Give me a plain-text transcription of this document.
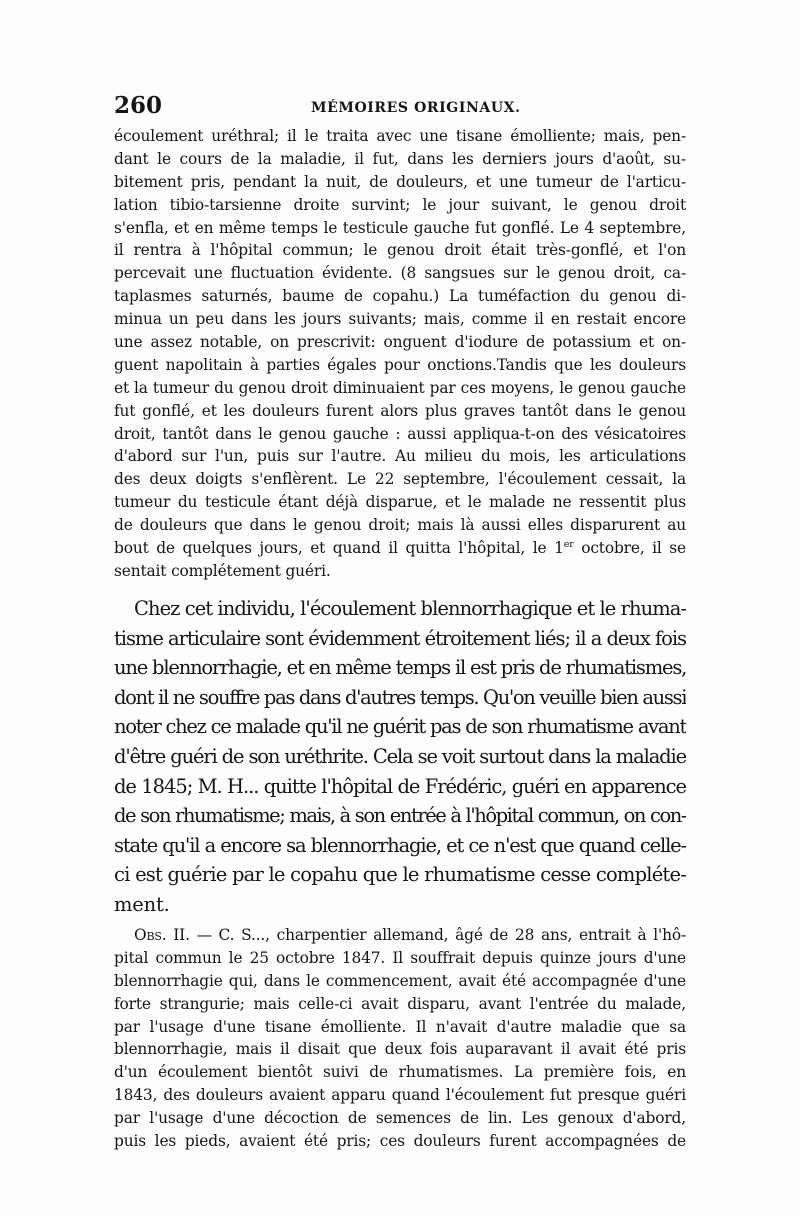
260	MÉMOIRES ORIGINAUX.
écoulement uréthral; il le traita avec une tisane émolliente; mais, pen-
dant le cours de la maladie, il fut, dans les derniers jours d'août, su-
bitement pris, pendant la nuit, de douleurs, et une tumeur de l'articu-
lation tibio-tarsienne droite survint; le jour suivant, le genou droit
s'enfla, et en même temps le testicule gauche fut gonflé. Le 4 septembre,
il rentra à l'hôpital commun; le genou droit était très-gonflé, et l'on
percevait une fluctuation évidente. (8 sangsues sur le genou droit, ca-
taplasmes saturnés, baume de copahu.) La tuméfaction du genou di-
minua un peu dans les jours suivants; mais, comme il en restait encore
une assez notable, on prescrivit: onguent d'iodure de potassium et on-
guent napolitain à parties égales pour onctions.Tandis que les douleurs
et la tumeur du genou droit diminuaient par ces moyens, le genou gauche
fut gonflé, et les douleurs furent alors plus graves tantôt dans le genou
droit, tantôt dans le genou gauche : aussi appliqua-t-on des vésicatoires
d'abord sur l'un, puis sur l'autre. Au milieu du mois, les articulations
des deux doigts s'enflèrent. Le 22 septembre, l'écoulement cessait, la
tumeur du testicule étant déjà disparue, et le malade ne ressentit plus
de douleurs que dans le genou droit; mais là aussi elles disparurent au
bout de quelques jours, et quand il quitta l'hôpital, le 1er octobre, il se
sentait complétement guéri.
Chez cet individu, l'écoulement blennorrhagique et le rhuma-
tisme articulaire sont évidemment étroitement liés; il a deux fois
une blennorrhagie, et en même temps il est pris de rhumatismes,
dont il ne souffre pas dans d'autres temps. Qu'on veuille bien aussi
noter chez ce malade qu'il ne guérit pas de son rhumatisme avant
d'être guéri de son uréthrite. Cela se voit surtout dans la maladie
de 1845; M. H... quitte l'hôpital de Frédéric, guéri en apparence
de son rhumatisme; mais, à son entrée à l'hôpital commun, on con-
state qu'il a encore sa blennorrhagie, et ce n'est que quand celle-
ci est guérie par le copahu que le rhumatisme cesse compléte-
ment.
Obs. II. — C. S..., charpentier allemand, âgé de 28 ans, entrait à l'hô-
pital commun le 25 octobre 1847. Il souffrait depuis quinze jours d'une
blennorrhagie qui, dans le commencement, avait été accompagnée d'une
forte strangurie; mais celle-ci avait disparu, avant l'entrée du malade,
par l'usage d'une tisane émolliente. Il n'avait d'autre maladie que sa
blennorrhagie, mais il disait que deux fois auparavant il avait été pris
d'un écoulement bientôt suivi de rhumatismes. La première fois, en
1843, des douleurs avaient apparu quand l'écoulement fut presque guéri
par l'usage d'une décoction de semences de lin. Les genoux d'abord,
puis les pieds, avaient été pris; ces douleurs furent accompagnées de
